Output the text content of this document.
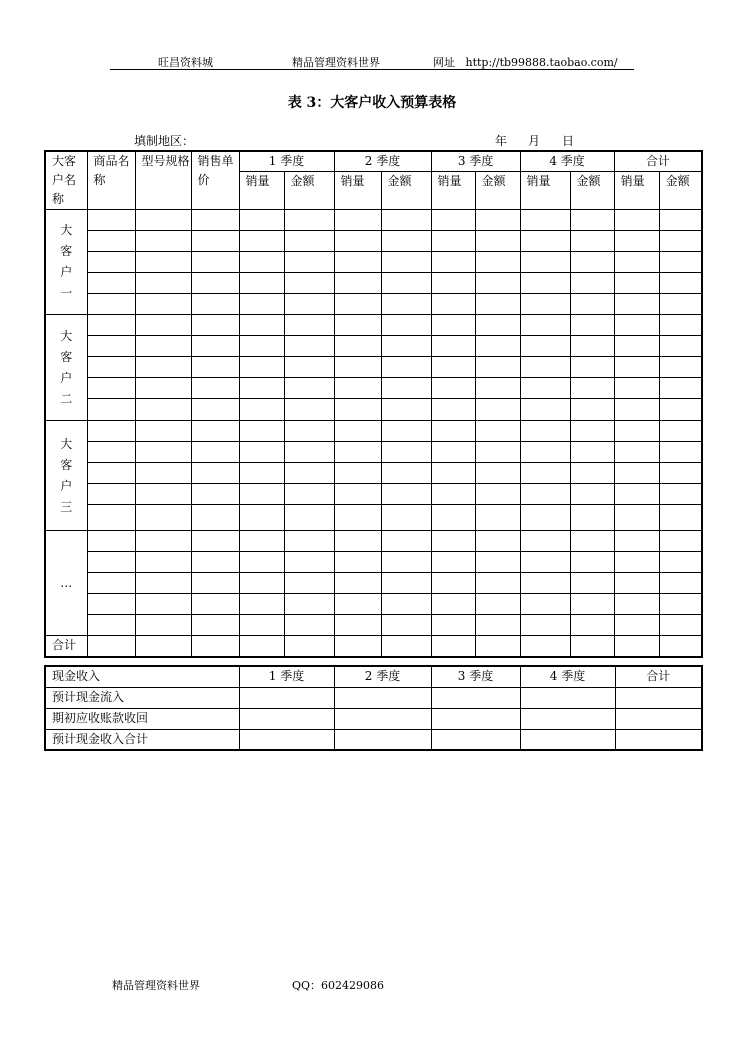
旺昌资料城	精品管理资料世界	网址 http://tb99888.taobao.com/
表 3：大客户收入预算表格
填制地区：	年 月 日
大客户名称	商品名称	型号规格	销售单价	1 季度		2 季度		3 季度		4 季度		合计	
				销量	金额	销量	金额	销量	金额	销量	金额	销量	金额
大
客
户
一													

大
客
户
二													

大
客
户
三													

…													

合计													
现金收入	1 季度	2 季度	3 季度	4 季度	合计
预计现金流入					
期初应收账款收回					
预计现金收入合计					
精品管理资料世界	QQ：602429086
